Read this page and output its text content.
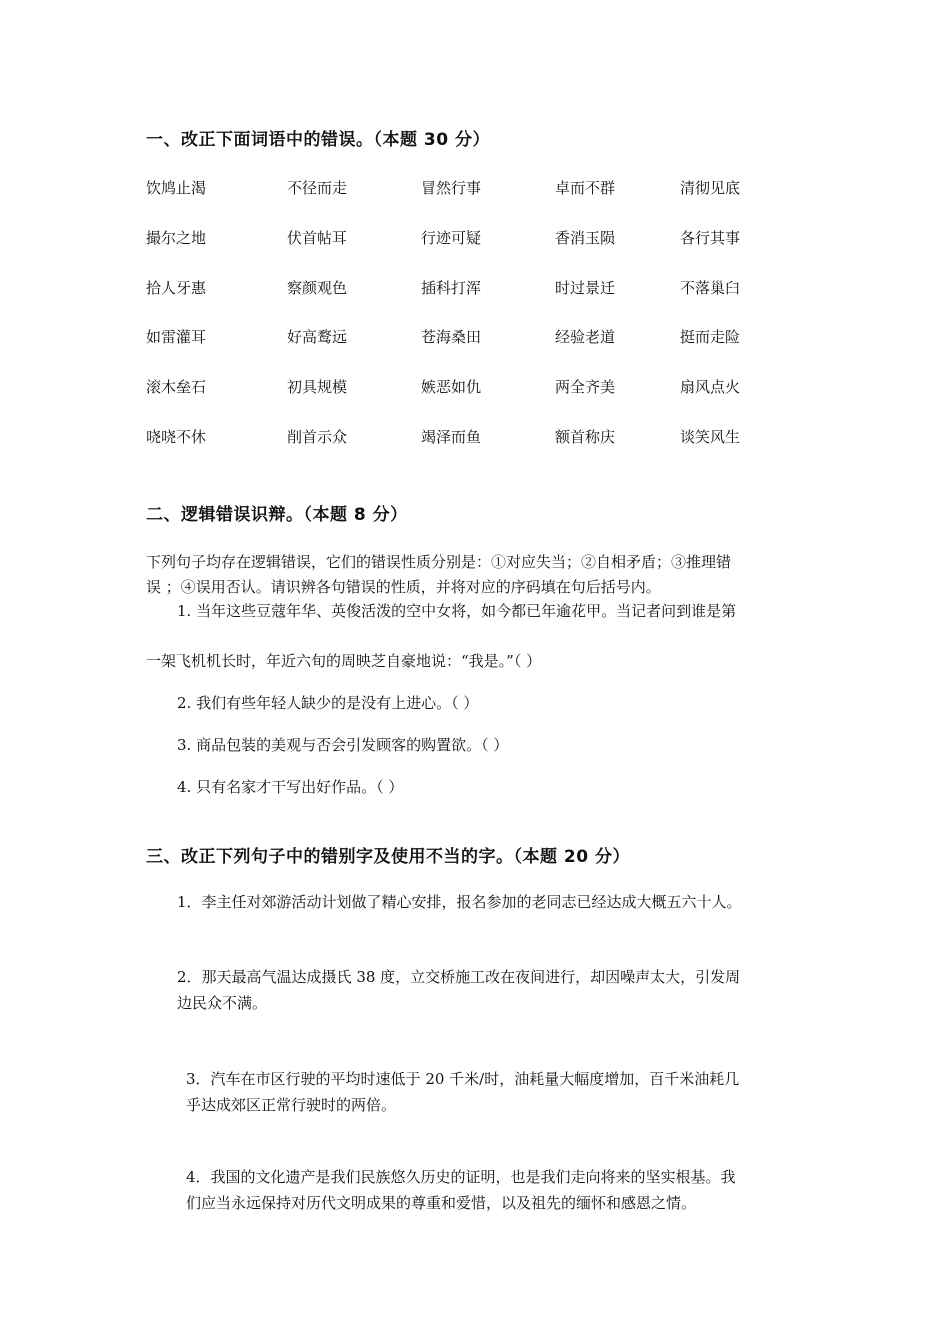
一、改正下面词语中的错误。（本题 30 分）
饮鸠止渴	不径而走	冒然行事	卓而不群	清彻见底
撮尔之地	伏首帖耳	行迹可疑	香消玉陨	各行其事
拾人牙惠	察颜观色	插科打浑	时过景迁	不落巢臼
如雷灌耳	好高鹜远	苍海桑田	经验老道	挺而走险
滚木垒石	初具规模	嫉恶如仇	两全齐美	扇风点火
哓哓不休	削首示众	竭泽而鱼	额首称庆	谈笑风生
二、逻辑错误识辩。（本题 8 分）
下列句子均存在逻辑错误，它们的错误性质分别是：①对应失当；②自相矛盾；③推理错
误 ；④误用否认。请识辨各句错误的性质，并将对应的序码填在句后括号内。
1. 当年这些豆蔻年华、英俊活泼的空中女将，如今都已年逾花甲。当记者问到谁是第
一架飞机机长时，年近六旬的周映芝自豪地说：“我是。”（ ）
2. 我们有些年轻人缺少的是没有上进心。（ ）
3. 商品包装的美观与否会引发顾客的购置欲。（ ）
4. 只有名家才干写出好作品。（ ）
三、改正下列句子中的错别字及使用不当的字。（本题 20 分）
1．李主任对郊游活动计划做了精心安排，报名参加的老同志已经达成大概五六十人。
2．那天最高气温达成摄氏 38 度，立交桥施工改在夜间进行，却因噪声太大，引发周
边民众不满。
3．汽车在市区行驶的平均时速低于 20 千米/时，油耗量大幅度增加，百千米油耗几
乎达成郊区正常行驶时的两倍。
4．我国的文化遗产是我们民族悠久历史的证明，也是我们走向将来的坚实根基。我
们应当永远保持对历代文明成果的尊重和爱惜，以及祖先的缅怀和感恩之情。
